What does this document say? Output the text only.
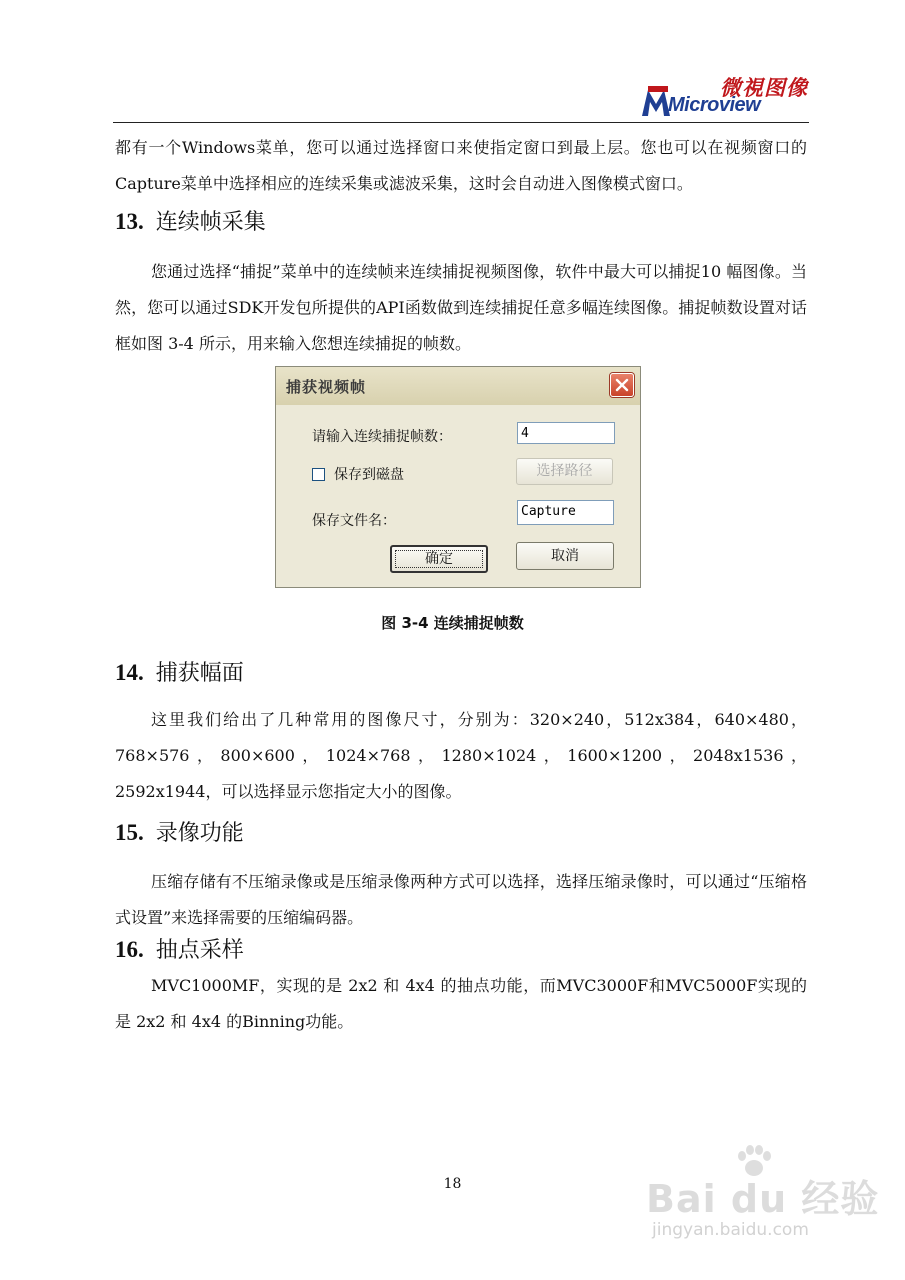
微視图像
Microview

都有一个Windows菜单，您可以通过选择窗口来使指定窗口到最上层。您也可以在视频窗口的Capture菜单中选择相应的连续采集或滤波采集，这时会自动进入图像模式窗口。

13. 连续帧采集

您通过选择“捕捉”菜单中的连续帧来连续捕捉视频图像，软件中最大可以捕捉10 幅图像。当然，您可以通过SDK开发包所提供的API函数做到连续捕捉任意多幅连续图像。捕捉帧数设置对话框如图 3-4 所示，用来输入您想连续捕捉的帧数。

捕获视频帧
请输入连续捕捉帧数：	4
保存到磁盘	选择路径
保存文件名：
Capture
确定	取消
图 3-4 连续捕捉帧数
14. 捕获幅面

这里我们给出了几种常用的图像尺寸，分别为：320×240，512x384，640×480，768×576，800×600，1024×768，1280×1024，1600×1200，2048x1536，2592x1944，可以选择显示您指定大小的图像。

15. 录像功能

压缩存储有不压缩录像或是压缩录像两种方式可以选择，选择压缩录像时，可以通过“压缩格式设置”来选择需要的压缩编码器。

16. 抽点采样

MVC1000MF，实现的是 2x2 和 4x4 的抽点功能，而MVC3000F和MVC5000F实现的是 2x2 和 4x4 的Binning功能。

18	Bai du 经验
jingyan.baidu.com
